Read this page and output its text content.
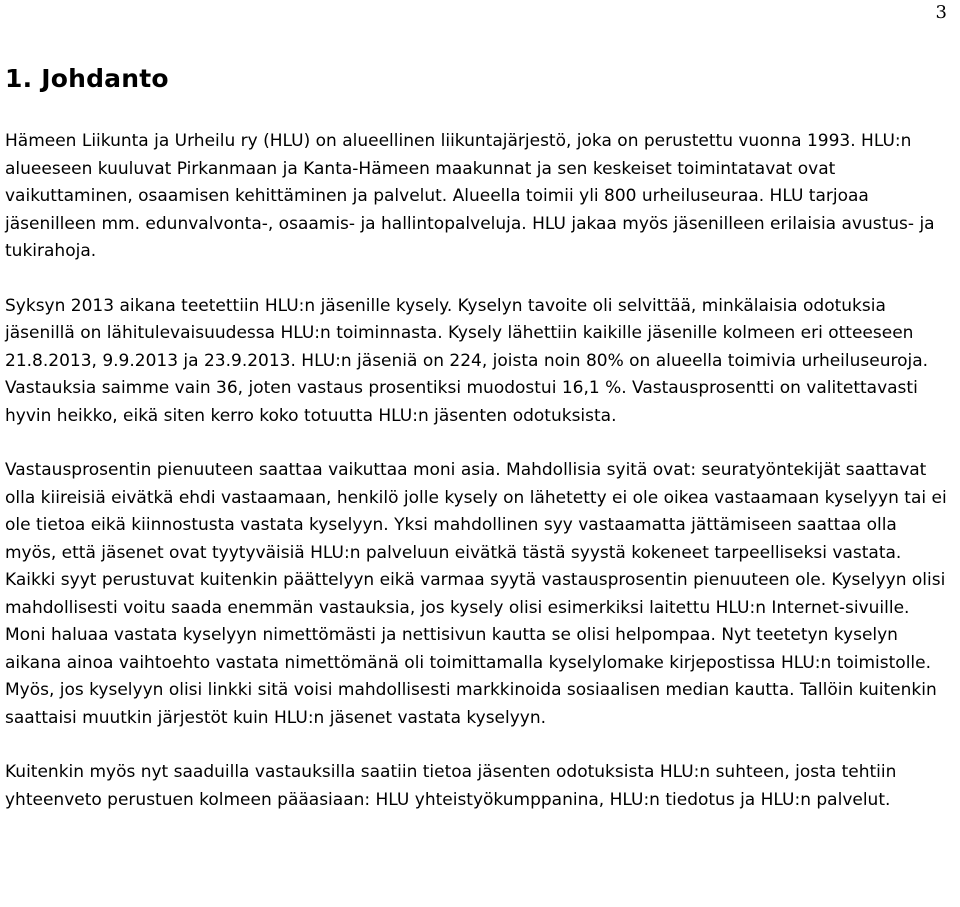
3
1. Johdanto

Hämeen Liikunta ja Urheilu ry (HLU) on alueellinen liikuntajärjestö, joka on perustettu vuonna 1993. HLU:n alueeseen kuuluvat Pirkanmaan ja Kanta-Hämeen maakunnat ja sen keskeiset toimintatavat ovat vaikuttaminen, osaamisen kehittäminen ja palvelut. Alueella toimii yli 800 urheiluseuraa. HLU tarjoaa jäsenilleen mm. edunvalvonta-, osaamis- ja hallintopalveluja. HLU jakaa myös jäsenilleen erilaisia avustus- ja tukirahoja.

Syksyn 2013 aikana teetettiin HLU:n jäsenille kysely. Kyselyn tavoite oli selvittää, minkälaisia odotuksia jäsenillä on lähitulevaisuudessa HLU:n toiminnasta. Kysely lähettiin kaikille jäsenille kolmeen eri otteeseen 21.8.2013, 9.9.2013 ja 23.9.2013. HLU:n jäseniä on 224, joista noin 80% on alueella toimivia urheiluseuroja. Vastauksia saimme vain 36, joten vastaus prosentiksi muodostui 16,1 %. Vastausprosentti on valitettavasti hyvin heikko, eikä siten kerro koko totuutta HLU:n jäsenten odotuksista.

Vastausprosentin pienuuteen saattaa vaikuttaa moni asia. Mahdollisia syitä ovat: seuratyöntekijät saattavat olla kiireisiä eivätkä ehdi vastaamaan, henkilö jolle kysely on lähetetty ei ole oikea vastaamaan kyselyyn tai ei ole tietoa eikä kiinnostusta vastata kyselyyn. Yksi mahdollinen syy vastaamatta jättämiseen saattaa olla myös, että jäsenet ovat tyytyväisiä HLU:n palveluun eivätkä tästä syystä kokeneet tarpeelliseksi vastata. Kaikki syyt perustuvat kuitenkin päättelyyn eikä varmaa syytä vastausprosentin pienuuteen ole. Kyselyyn olisi mahdollisesti voitu saada enemmän vastauksia, jos kysely olisi esimerkiksi laitettu HLU:n Internet-sivuille. Moni haluaa vastata kyselyyn nimettömästi ja nettisivun kautta se olisi helpompaa. Nyt teetetyn kyselyn aikana ainoa vaihtoehto vastata nimettömänä oli toimittamalla kyselylomake kirjepostissa HLU:n toimistolle. Myös, jos kyselyyn olisi linkki sitä voisi mahdollisesti markkinoida sosiaalisen median kautta. Tallöin kuitenkin saattaisi muutkin järjestöt kuin HLU:n jäsenet vastata kyselyyn.

Kuitenkin myös nyt saaduilla vastauksilla saatiin tietoa jäsenten odotuksista HLU:n suhteen, josta tehtiin yhteenveto perustuen kolmeen pääasiaan: HLU yhteistyökumppanina, HLU:n tiedotus ja HLU:n palvelut.
